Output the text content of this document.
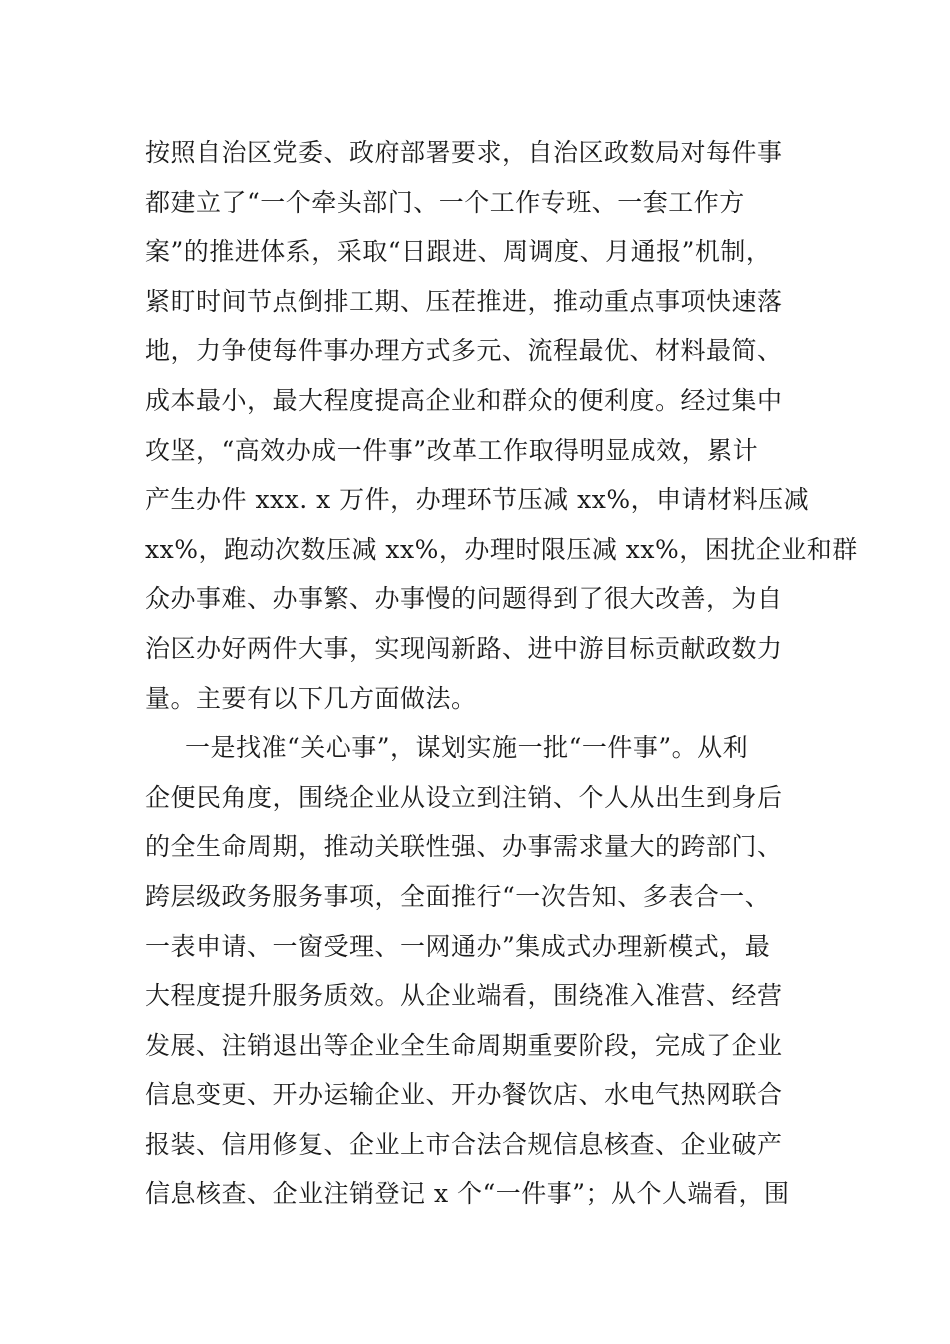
按照自治区党委、政府部署要求，自治区政数局对每件事
都建立了“一个牵头部门、一个工作专班、一套工作方
案”的推进体系，采取“日跟进、周调度、月通报”机制，
紧盯时间节点倒排工期、压茬推进，推动重点事项快速落
地，力争使每件事办理方式多元、流程最优、材料最简、
成本最小，最大程度提高企业和群众的便利度。经过集中
攻坚，“高效办成一件事”改革工作取得明显成效，累计
产生办件 xxx. x 万件，办理环节压减 xx%，申请材料压减
xx%，跑动次数压减 xx%，办理时限压减 xx%，困扰企业和群
众办事难、办事繁、办事慢的问题得到了很大改善，为自
治区办好两件大事，实现闯新路、进中游目标贡献政数力
量。主要有以下几方面做法。
一是找准“关心事”，谋划实施一批“一件事”。从利
企便民角度，围绕企业从设立到注销、个人从出生到身后
的全生命周期，推动关联性强、办事需求量大的跨部门、
跨层级政务服务事项，全面推行“一次告知、多表合一、
一表申请、一窗受理、一网通办”集成式办理新模式，最
大程度提升服务质效。从企业端看，围绕准入准营、经营
发展、注销退出等企业全生命周期重要阶段，完成了企业
信息变更、开办运输企业、开办餐饮店、水电气热网联合
报装、信用修复、企业上市合法合规信息核查、企业破产
信息核查、企业注销登记 x 个“一件事”；从个人端看，围
